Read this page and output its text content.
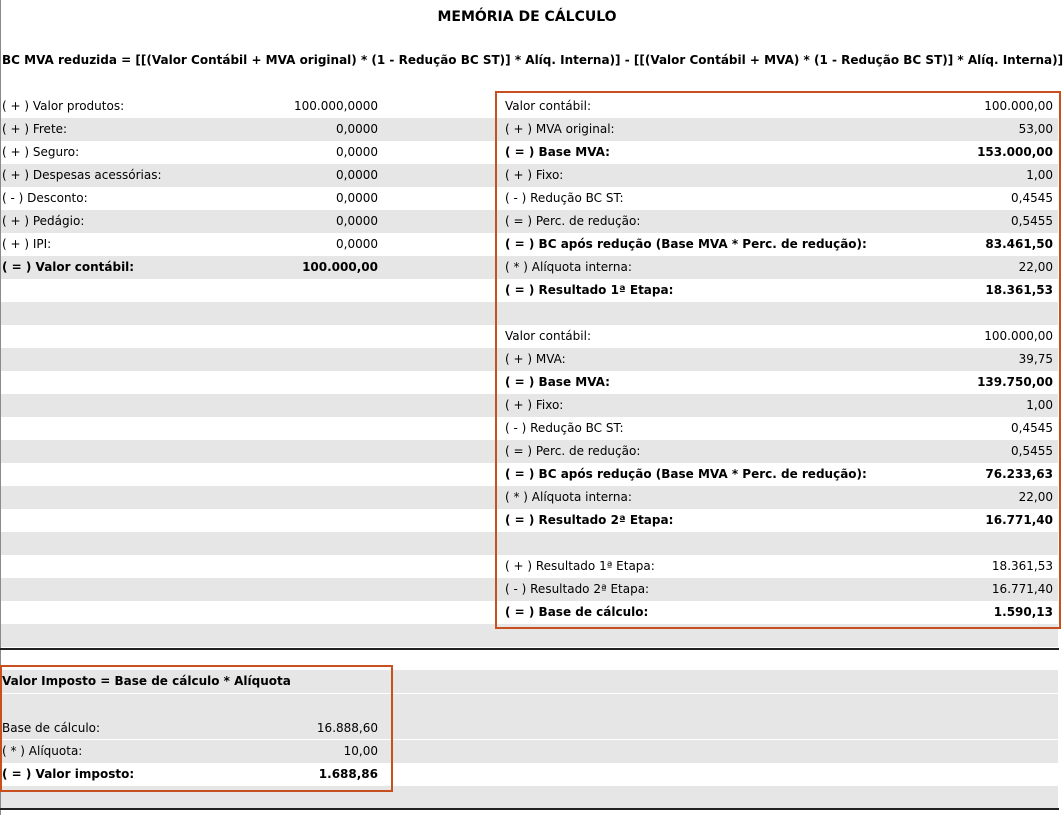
MEMÓRIA DE CÁLCULO
BC MVA reduzida = [[(Valor Contábil + MVA original) * (1 - Redução BC ST)] * Alíq. Interna)] - [[(Valor Contábil + MVA) * (1 - Redução BC ST)] * Alíq. Interna)]
( + ) Valor produtos:	100.000,0000
( + ) Frete:	0,0000
( + ) Seguro:	0,0000
( + ) Despesas acessórias:	0,0000
( - ) Desconto:	0,0000
( + ) Pedágio:	0,0000
( + ) IPI:	0,0000
( = ) Valor contábil:	100.000,00
Valor contábil:	100.000,00
( + ) MVA original:	53,00
( = ) Base MVA:	153.000,00
( + ) Fixo:	1,00
( - ) Redução BC ST:	0,4545
( = ) Perc. de redução:	0,5455
( = ) BC após redução (Base MVA * Perc. de redução):	83.461,50
( * ) Alíquota interna:	22,00
( = ) Resultado 1ª Etapa:	18.361,53
Valor contábil:	100.000,00
( + ) MVA:	39,75
( = ) Base MVA:	139.750,00
( + ) Fixo:	1,00
( - ) Redução BC ST:	0,4545
( = ) Perc. de redução:	0,5455
( = ) BC após redução (Base MVA * Perc. de redução):	76.233,63
( * ) Alíquota interna:	22,00
( = ) Resultado 2ª Etapa:	16.771,40
( + ) Resultado 1ª Etapa:	18.361,53
( - ) Resultado 2ª Etapa:	16.771,40
( = ) Base de cálculo:	1.590,13
Valor Imposto = Base de cálculo * Alíquota
Base de cálculo:	16.888,60
( * ) Alíquota:	10,00
( = ) Valor imposto:	1.688,86
